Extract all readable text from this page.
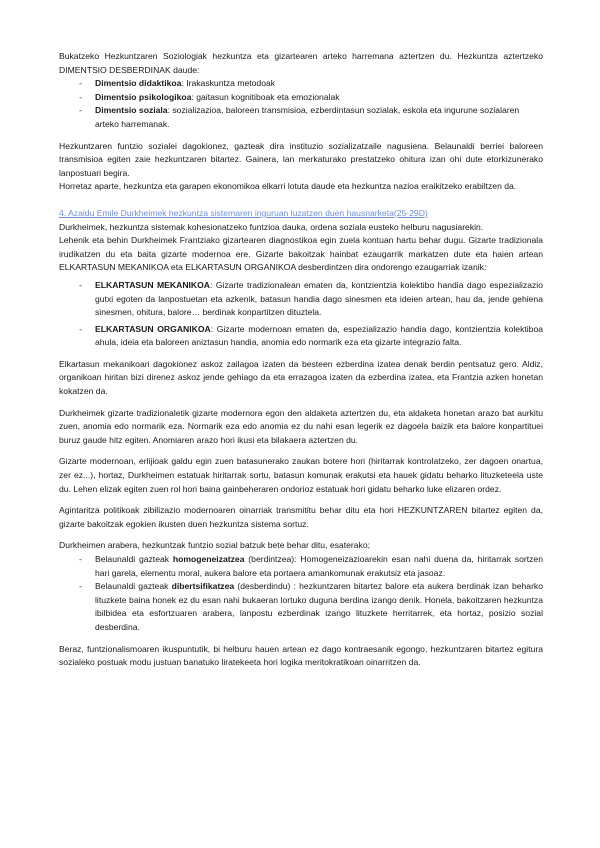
Bukatzeko Hezkuntzaren Soziologiak hezkuntza eta gizartearen arteko harremana aztertzen du. Hezkuntza aztertzeko DIMENTSIO DESBERDINAK daude:

- Dimentsio didaktikoa: Irakaskuntza metodoak
- Dimentsio psikologikoa: gaitasun kognitiboak eta emozionalak
- Dimentsio soziala: sozializazioa, baloreen transmisioa, ezberdintasun sozialak, eskola eta ingurune sozialaren arteko harremanak.

Hezkuntzaren funtzio sozialei dagokionez, gazteak dira instituzio sozializatzaile nagusiena. Belaunaldi berriei baloreen transmisioa egiten zaie hezkuntzaren bitartez. Gainera, lan merkaturako prestatzeko ohitura izan ohi dute etorkizunerako lanpostuari begira.

Horretaz aparte, hezkuntza eta garapen ekonomikoa elkarri lotuta daude eta hezkuntza nazioa eraikitzeko erabiltzen da.

4. Azaldu Emile Durkheimek hezkuntza sistemaren inguruan luzatzen duen hausnarketa(25-29D)

Durkheimek, hezkuntza sistemak kohesionatzeko funtzioa dauka, ordena soziala eusteko helburu nagusiarekin.

Lehenik eta behin Durkheimek Frantziako gizartearen diagnostikoa egin zuela kontuan hartu behar dugu. Gizarte tradizionala irudikatzen du eta baita gizarte modernoa ere. Gizarte bakoitzak hainbat ezaugarrik markatzen dute eta haien artean ELKARTASUN MEKANIKOA eta ELKARTASUN ORGANIKOA desberdintzen dira ondorengo ezaugarriak izanik:

- ELKARTASUN MEKANIKOA: Gizarte tradizionalean ematen da, kontzientzia kolektibo handia dago espezializazio gutxi egoten da lanpostuetan eta azkenik, batasun handia dago sinesmen eta ideien artean, hau da, jende gehiena sinesmen, ohitura, balore… berdinak konpartitzen dituztela.
- ELKARTASUN ORGANIKOA: Gizarte modernoan ematen da, espezializazio handia dago, kontzientzia kolektiboa ahula, ideia eta baloreen aniztasun handia, anomia edo normarik eza eta gizarte integrazio falta.

Elkartasun mekanikoari dagokionez askoz zailagoa izaten da besteen ezberdina izatea denak berdin pentsatuz gero. Aldiz, organikoan hiritan bizi direnez askoz jende gehiago da eta errazagoa izaten da ezberdina izatea, eta Frantzia azken honetan kokatzen da.

Durkheimek gizarte tradizionaletik gizarte modernora egon den aldaketa aztertzen du, eta aldaketa honetan arazo bat aurkitu zuen, anomia edo normarik eza. Normarik eza edo anomia ez du nahi esan legerik ez dagoela baizik eta balore konpartituei buruz gaude hitz egiten. Anomiaren arazo hori ikusi eta bilakaera aztertzen du.

Gizarte modernoan, erlijioak galdu egin zuen batasunerako zaukan botere hori (hiritarrak kontrolatzeko, zer dagoen onartua, zer ez...), hortaz, Durkheimen estatuak hiritarrak sortu, batasun komunak erakutsi eta hauek gidatu beharko lituzketeela uste du. Lehen elizak egiten zuen rol hori baina gainbeheraren ondorioz estatuak hori gidatu beharko luke elizaren ordez.

Agintaritza politikoak zibilizazio modernoaren oinarriak transmititu behar ditu eta hori HEZKUNTZAREN bitartez egiten da, gizarte bakoitzak egokien ikusten duen hezkuntza sistema sortuz.

Durkheimen arabera, hezkuntzak funtzio sozial batzuk bete behar ditu, esaterako;

- Belaunaldi gazteak homogeneizatzea (berdintzea): Homogeneizazioarekin esan nahi duena da, hiritarrak sortzen hari garela, elementu moral, aukera balore eta portaera amankomunak erakutsiz eta jasoaz.
- Belaunaldi gazteak dibertsifikatzea (desberdindu) : hezkuntzaren bitartez balore eta aukera berdinak izan beharko lituzkete baina honek ez du esan nahi bukaeran lortuko duguna berdina izango denik. Honela, bakoitzaren hezkuntza ibilbidea eta esfortzuaren arabera, lanpostu ezberdinak izango lituzkete herritarrek, eta hortaz, posizio sozial desberdina.

Beraz, funtzionalismoaren ikuspuntutik, bi helburu hauen artean ez dago kontraesanik egongo, hezkuntzaren bitartez egitura sozialeko postuak modu justuan banatuko liratekeeta hori logika meritokratikoan oinarritzen da.
